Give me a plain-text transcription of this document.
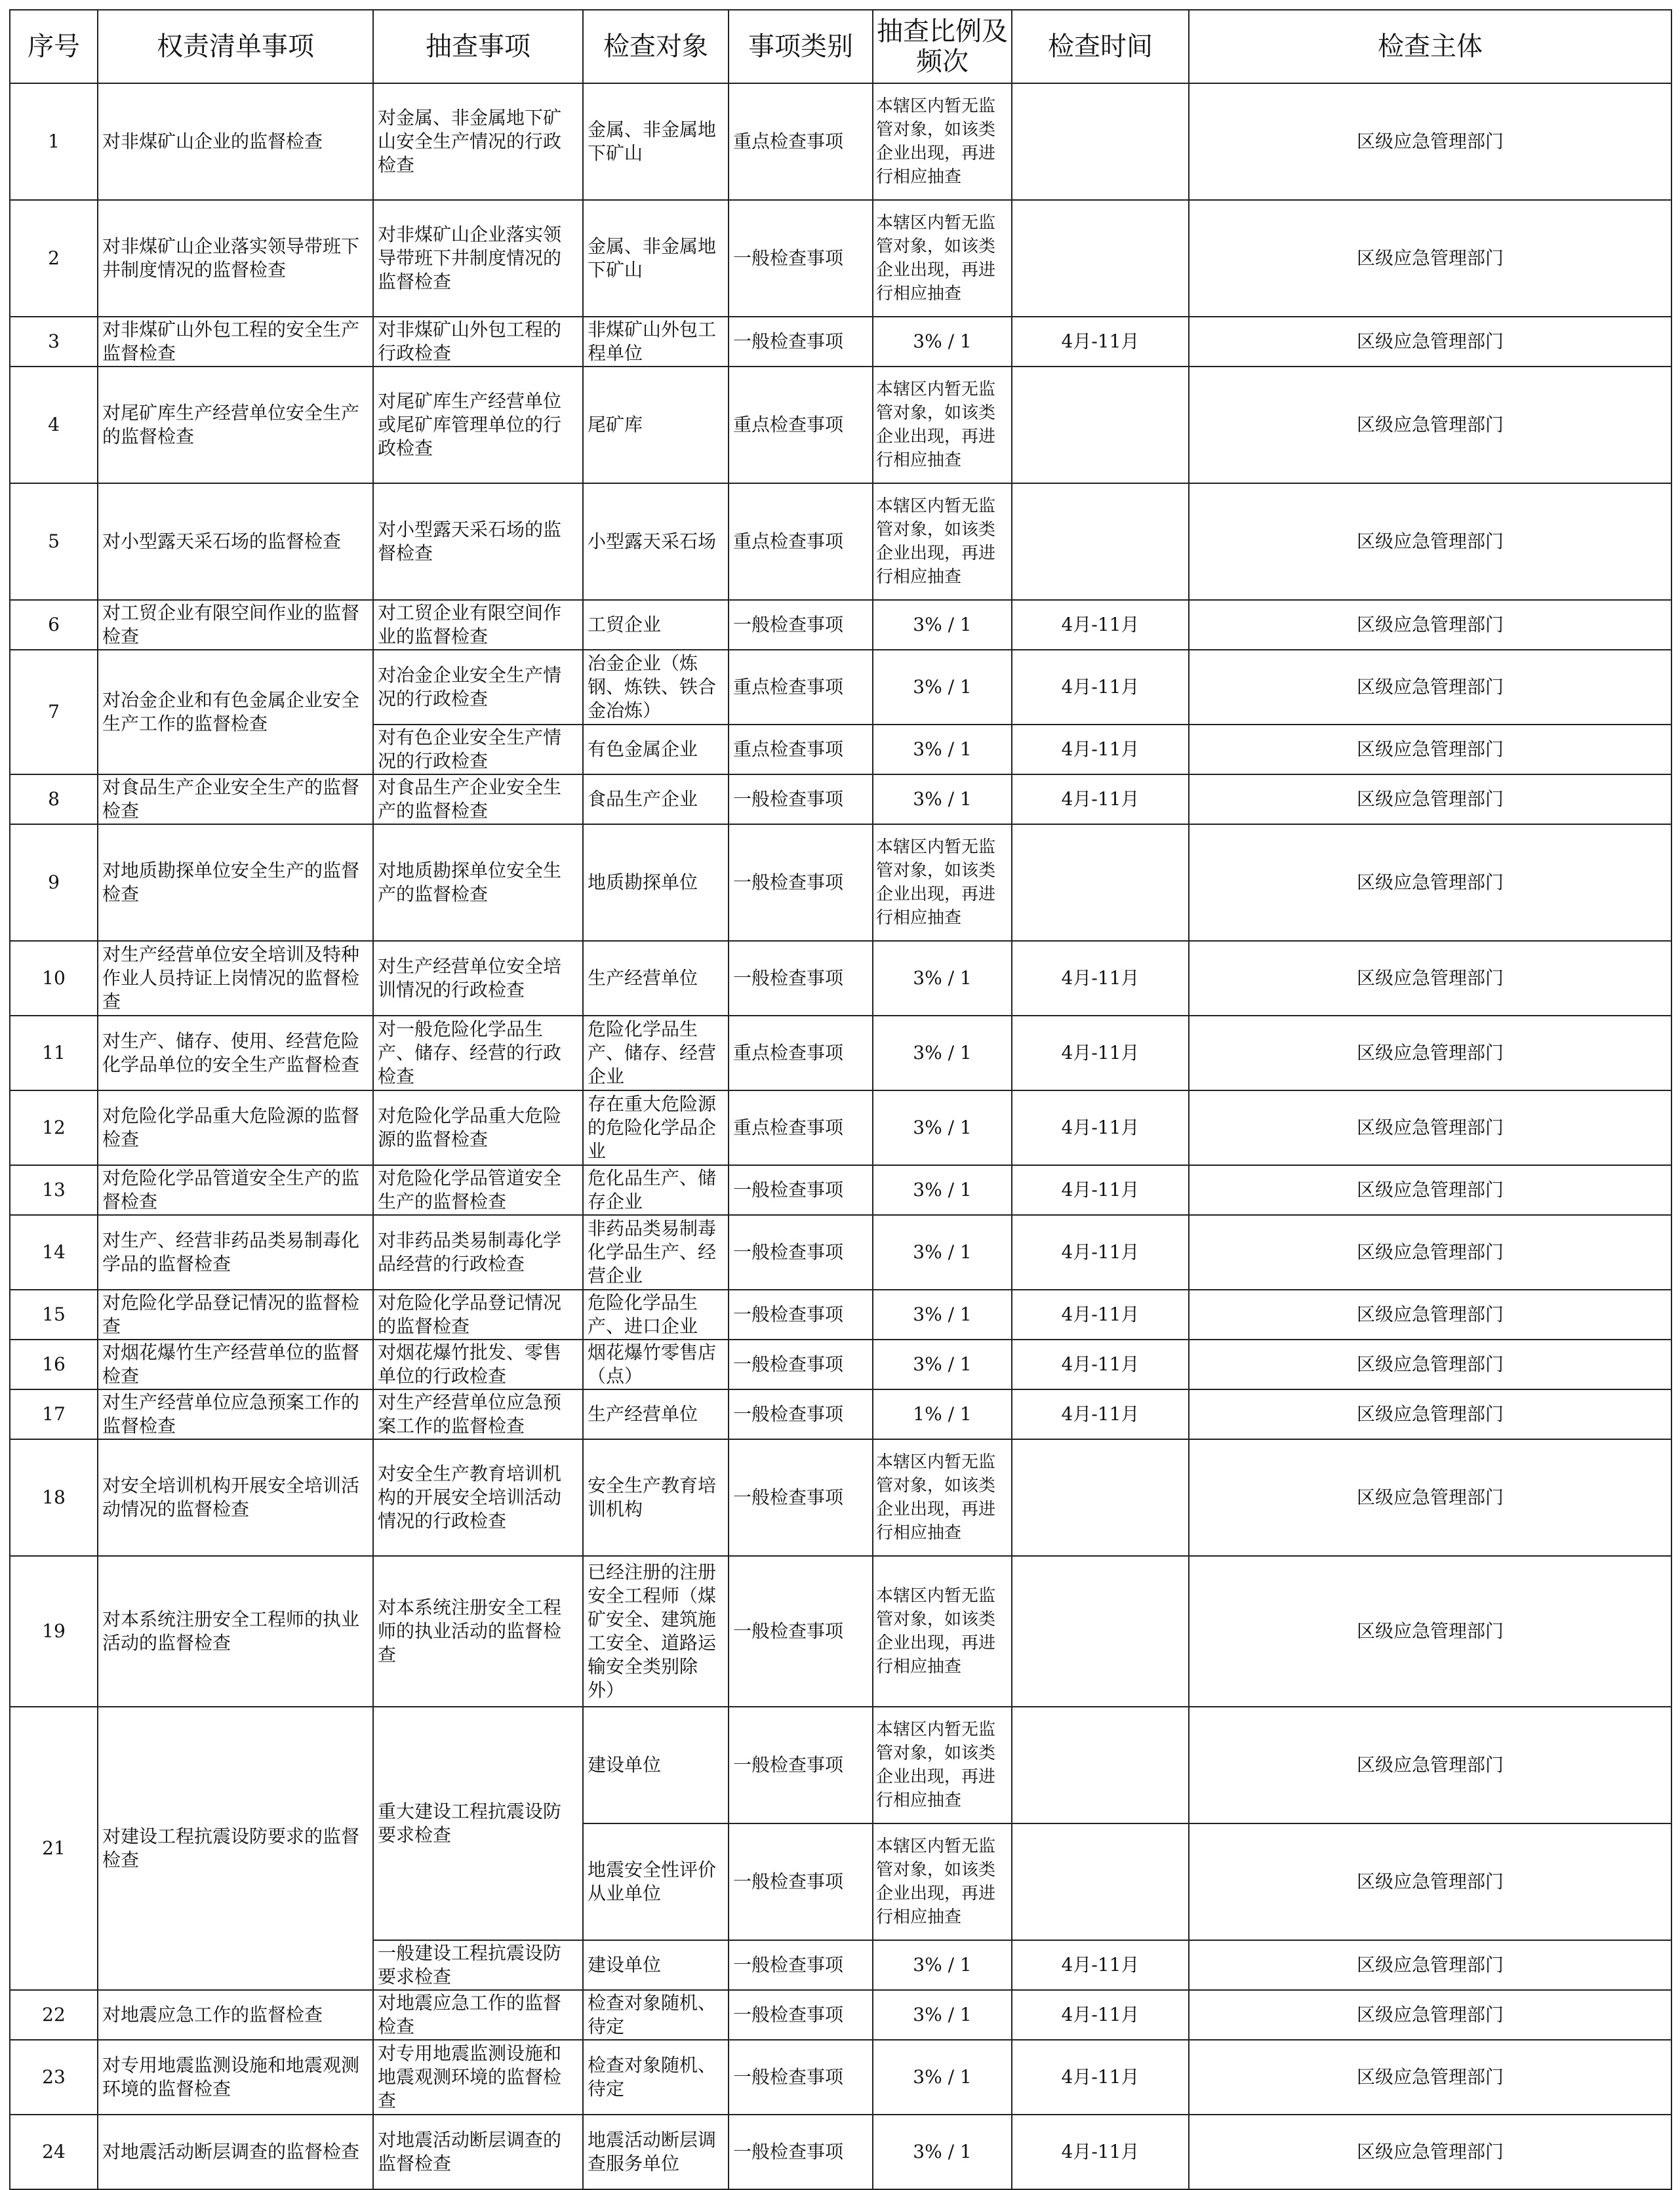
序号	权责清单事项	抽查事项	检查对象	事项类别	抽查比例及频次	检查时间	检查主体
1	对非煤矿山企业的监督检查	对金属、非金属地下矿山安全生产情况的行政检查	金属、非金属地下矿山	重点检查事项	本辖区内暂无监管对象，如该类企业出现，再进行相应抽查		区级应急管理部门
2	对非煤矿山企业落实领导带班下井制度情况的监督检查	对非煤矿山企业落实领导带班下井制度情况的监督检查	金属、非金属地下矿山	一般检查事项	本辖区内暂无监管对象，如该类企业出现，再进行相应抽查		区级应急管理部门
3	对非煤矿山外包工程的安全生产监督检查	对非煤矿山外包工程的行政检查	非煤矿山外包工程单位	一般检查事项	3% / 1	4月-11月	区级应急管理部门
4	对尾矿库生产经营单位安全生产的监督检查	对尾矿库生产经营单位或尾矿库管理单位的行政检查	尾矿库	重点检查事项	本辖区内暂无监管对象，如该类企业出现，再进行相应抽查		区级应急管理部门
5	对小型露天采石场的监督检查	对小型露天采石场的监督检查	小型露天采石场	重点检查事项	本辖区内暂无监管对象，如该类企业出现，再进行相应抽查		区级应急管理部门
6	对工贸企业有限空间作业的监督检查	对工贸企业有限空间作业的监督检查	工贸企业	一般检查事项	3% / 1	4月-11月	区级应急管理部门
7	对冶金企业和有色金属企业安全生产工作的监督检查	对冶金企业安全生产情况的行政检查	冶金企业（炼钢、炼铁、铁合金冶炼）	重点检查事项	3% / 1	4月-11月	区级应急管理部门
		对有色企业安全生产情况的行政检查	有色金属企业	重点检查事项	3% / 1	4月-11月	区级应急管理部门
8	对食品生产企业安全生产的监督检查	对食品生产企业安全生产的监督检查	食品生产企业	一般检查事项	3% / 1	4月-11月	区级应急管理部门
9	对地质勘探单位安全生产的监督检查	对地质勘探单位安全生产的监督检查	地质勘探单位	一般检查事项	本辖区内暂无监管对象，如该类企业出现，再进行相应抽查		区级应急管理部门
10	对生产经营单位安全培训及特种作业人员持证上岗情况的监督检查	对生产经营单位安全培训情况的行政检查	生产经营单位	一般检查事项	3% / 1	4月-11月	区级应急管理部门
11	对生产、储存、使用、经营危险化学品单位的安全生产监督检查	对一般危险化学品生产、储存、经营的行政检查	危险化学品生产、储存、经营企业	重点检查事项	3% / 1	4月-11月	区级应急管理部门
12	对危险化学品重大危险源的监督检查	对危险化学品重大危险源的监督检查	存在重大危险源的危险化学品企业	重点检查事项	3% / 1	4月-11月	区级应急管理部门
13	对危险化学品管道安全生产的监督检查	对危险化学品管道安全生产的监督检查	危化品生产、储存企业	一般检查事项	3% / 1	4月-11月	区级应急管理部门
14	对生产、经营非药品类易制毒化学品的监督检查	对非药品类易制毒化学品经营的行政检查	非药品类易制毒化学品生产、经营企业	一般检查事项	3% / 1	4月-11月	区级应急管理部门
15	对危险化学品登记情况的监督检查	对危险化学品登记情况的监督检查	危险化学品生产、进口企业	一般检查事项	3% / 1	4月-11月	区级应急管理部门
16	对烟花爆竹生产经营单位的监督检查	对烟花爆竹批发、零售单位的行政检查	烟花爆竹零售店（点）	一般检查事项	3% / 1	4月-11月	区级应急管理部门
17	对生产经营单位应急预案工作的监督检查	对生产经营单位应急预案工作的监督检查	生产经营单位	一般检查事项	1% / 1	4月-11月	区级应急管理部门
18	对安全培训机构开展安全培训活动情况的监督检查	对安全生产教育培训机构的开展安全培训活动情况的行政检查	安全生产教育培训机构	一般检查事项	本辖区内暂无监管对象，如该类企业出现，再进行相应抽查		区级应急管理部门
19	对本系统注册安全工程师的执业活动的监督检查	对本系统注册安全工程师的执业活动的监督检查	已经注册的注册安全工程师（煤矿安全、建筑施工安全、道路运输安全类别除外）	一般检查事项	本辖区内暂无监管对象，如该类企业出现，再进行相应抽查		区级应急管理部门
21	对建设工程抗震设防要求的监督检查	重大建设工程抗震设防要求检查	建设单位	一般检查事项	本辖区内暂无监管对象，如该类企业出现，再进行相应抽查		区级应急管理部门
			地震安全性评价从业单位	一般检查事项	本辖区内暂无监管对象，如该类企业出现，再进行相应抽查		区级应急管理部门
		一般建设工程抗震设防要求检查	建设单位	一般检查事项	3% / 1	4月-11月	区级应急管理部门
22	对地震应急工作的监督检查	对地震应急工作的监督检查	检查对象随机、待定	一般检查事项	3% / 1	4月-11月	区级应急管理部门
23	对专用地震监测设施和地震观测环境的监督检查	对专用地震监测设施和地震观测环境的监督检查	检查对象随机、待定	一般检查事项	3% / 1	4月-11月	区级应急管理部门
24	对地震活动断层调查的监督检查	对地震活动断层调查的监督检查	地震活动断层调查服务单位	一般检查事项	3% / 1	4月-11月	区级应急管理部门
